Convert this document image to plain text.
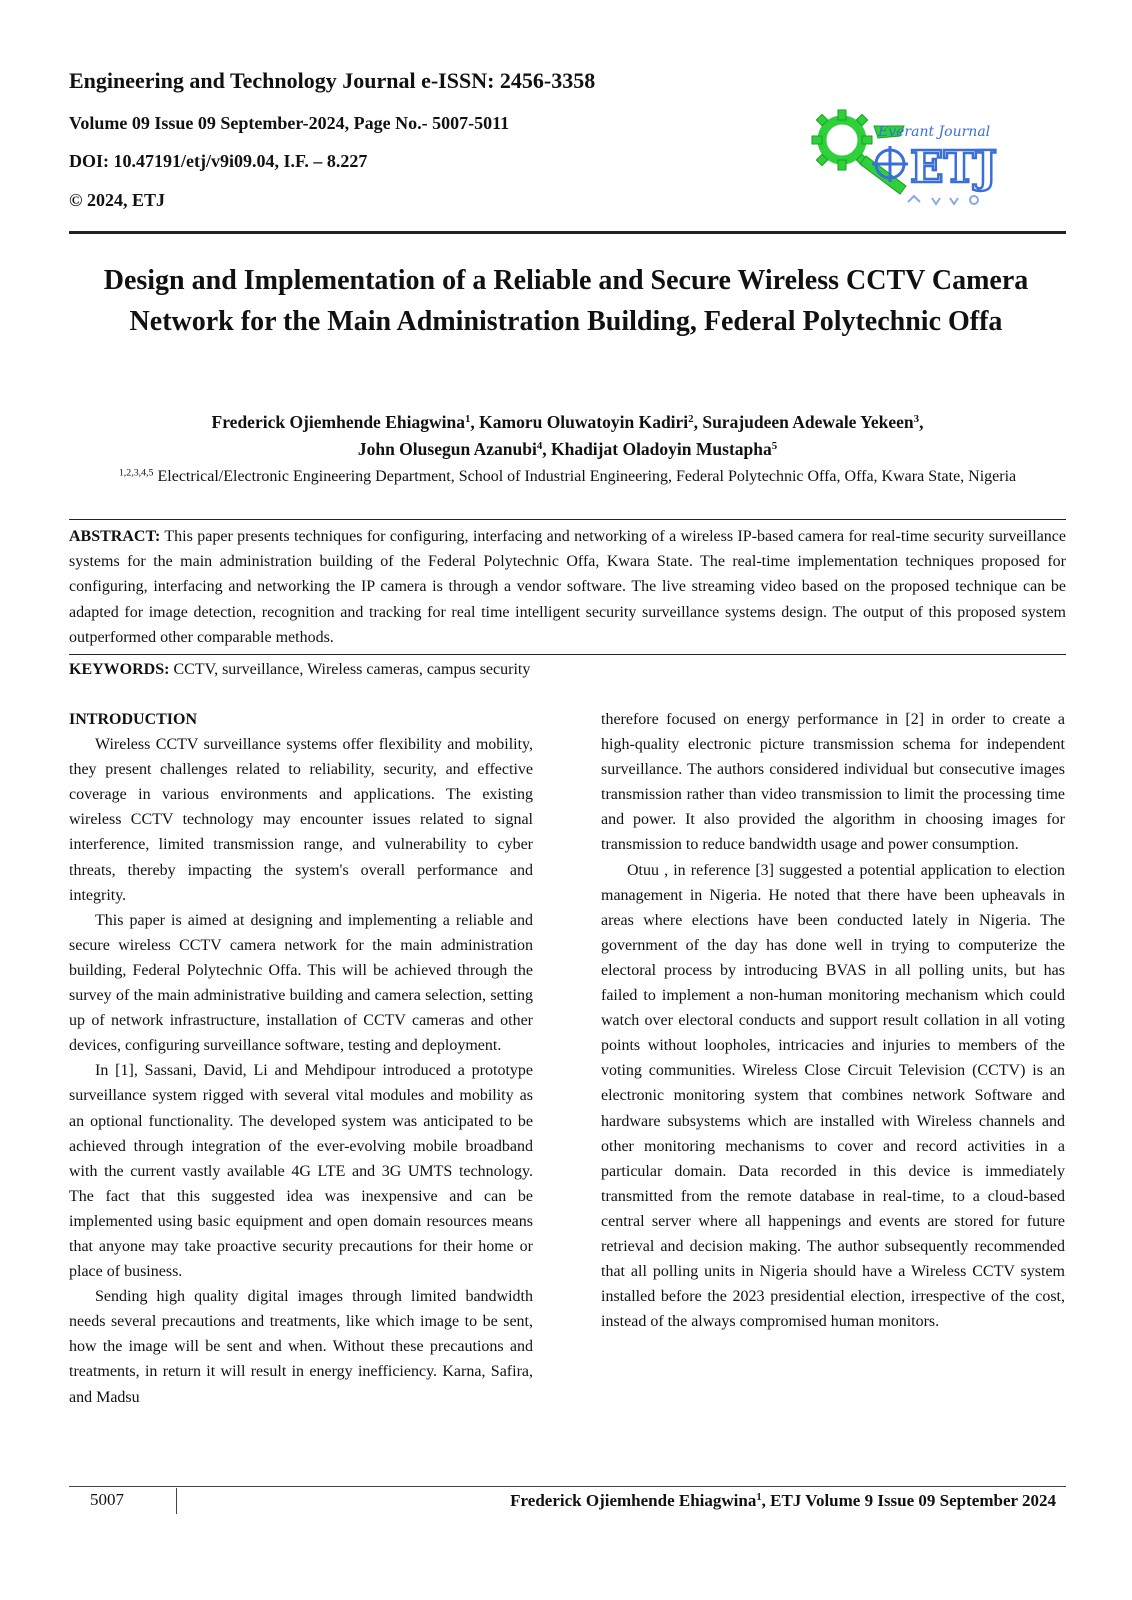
Engineering and Technology Journal e-ISSN: 2456-3358
Volume 09 Issue 09 September-2024, Page No.- 5007-5011
DOI: 10.47191/etj/v9i09.04, I.F. – 8.227
© 2024, ETJ
Everant Journal
ETJ
Design and Implementation of a Reliable and Secure Wireless CCTV Camera Network for the Main Administration Building, Federal Polytechnic Offa
Frederick Ojiemhende Ehiagwina$^1$, Kamoru Oluwatoyin Kadiri$^2$, Surajudeen Adewale Yekeen$^3$,
John Olusegun Azanubi$^4$, Khadijat Oladoyin Mustapha$^5$
$^{1,2,3,4,5}$ Electrical/Electronic Engineering Department, School of Industrial Engineering, Federal Polytechnic Offa, Offa, Kwara State, Nigeria

ABSTRACT: This paper presents techniques for configuring, interfacing and networking of a wireless IP-based camera for real-time security surveillance systems for the main administration building of the Federal Polytechnic Offa, Kwara State. The real-time implementation techniques proposed for configuring, interfacing and networking the IP camera is through a vendor software. The live streaming video based on the proposed technique can be adapted for image detection, recognition and tracking for real time intelligent security surveillance systems design. The output of this proposed system outperformed other comparable methods.

KEYWORDS: CCTV, surveillance, Wireless cameras, campus security

INTRODUCTION

Wireless CCTV surveillance systems offer flexibility and mobility, they present challenges related to reliability, security, and effective coverage in various environments and applications. The existing wireless CCTV technology may encounter issues related to signal interference, limited transmission range, and vulnerability to cyber threats, thereby impacting the system's overall performance and integrity.

This paper is aimed at designing and implementing a reliable and secure wireless CCTV camera network for the main administration building, Federal Polytechnic Offa. This will be achieved through the survey of the main administrative building and camera selection, setting up of network infrastructure, installation of CCTV cameras and other devices, configuring surveillance software, testing and deployment.

In [1], Sassani, David, Li and Mehdipour introduced a prototype surveillance system rigged with several vital modules and mobility as an optional functionality. The developed system was anticipated to be achieved through integration of the ever-evolving mobile broadband with the current vastly available 4G LTE and 3G UMTS technology. The fact that this suggested idea was inexpensive and can be implemented using basic equipment and open domain resources means that anyone may take proactive security precautions for their home or place of business.

Sending high quality digital images through limited bandwidth needs several precautions and treatments, like which image to be sent, how the image will be sent and when. Without these precautions and treatments, in return it will result in energy inefficiency. Karna, Safira, and Madsu

therefore focused on energy performance in [2] in order to create a high-quality electronic picture transmission schema for independent surveillance. The authors considered individual but consecutive images transmission rather than video transmission to limit the processing time and power. It also provided the algorithm in choosing images for transmission to reduce bandwidth usage and power consumption.

Otuu , in reference [3] suggested a potential application to election management in Nigeria. He noted that there have been upheavals in areas where elections have been conducted lately in Nigeria. The government of the day has done well in trying to computerize the electoral process by introducing BVAS in all polling units, but has failed to implement a non-human monitoring mechanism which could watch over electoral conducts and support result collation in all voting points without loopholes, intricacies and injuries to members of the voting communities. Wireless Close Circuit Television (CCTV) is an electronic monitoring system that combines network Software and hardware subsystems which are installed with Wireless channels and other monitoring mechanisms to cover and record activities in a particular domain. Data recorded in this device is immediately transmitted from the remote database in real-time, to a cloud-based central server where all happenings and events are stored for future retrieval and decision making. The author subsequently recommended that all polling units in Nigeria should have a Wireless CCTV system installed before the 2023 presidential election, irrespective of the cost, instead of the always compromised human monitors.

5007	Frederick Ojiemhende Ehiagwina$^1$, ETJ Volume 9 Issue 09 September 2024
